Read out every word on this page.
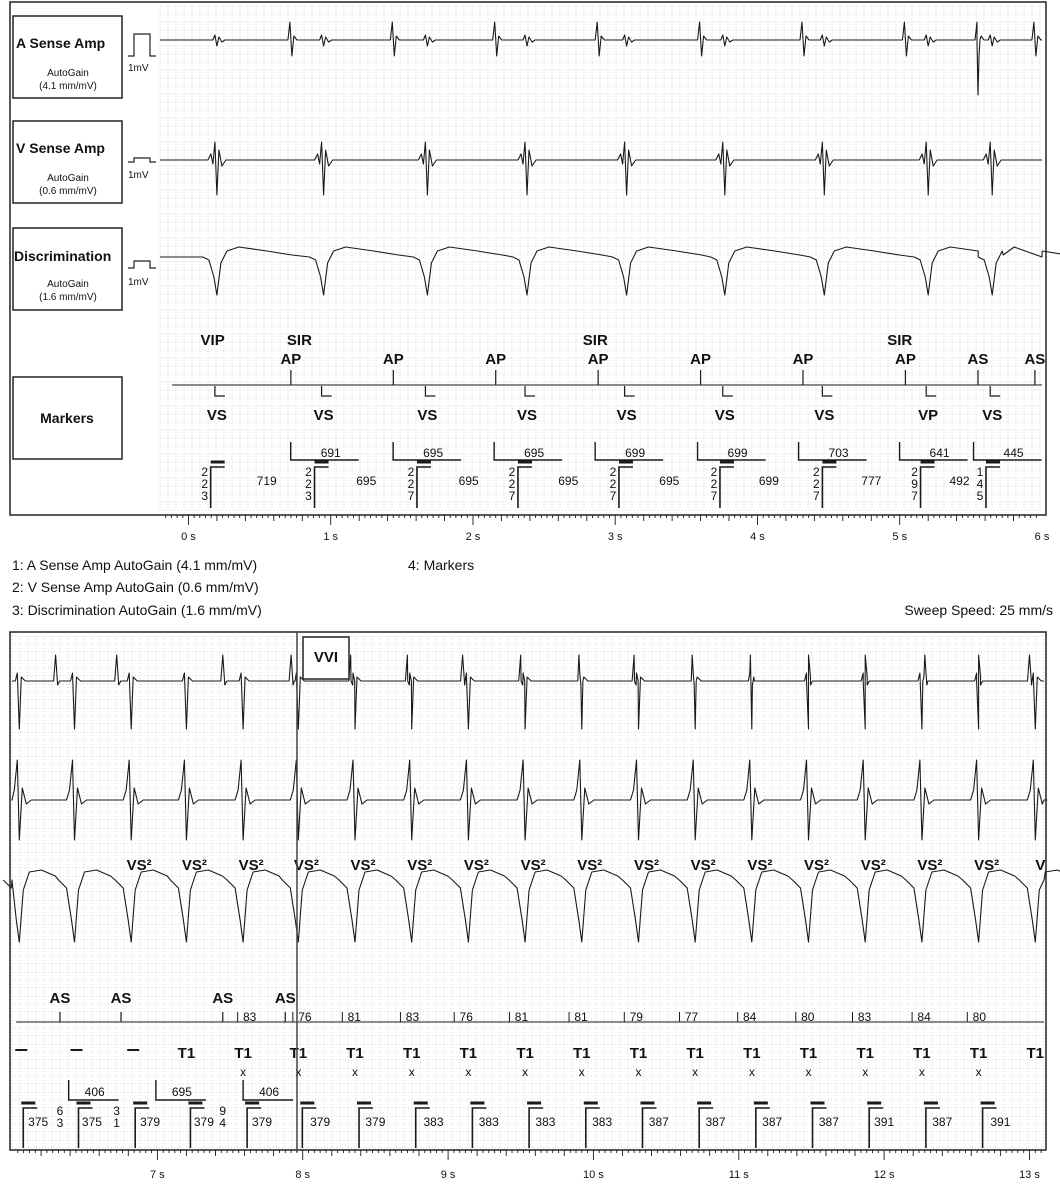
A Sense Amp
AutoGain
(4.1 mm/mV)
V Sense Amp
AutoGain
(0.6 mm/mV)
Discrimination
AutoGain
(1.6 mm/mV)
Markers
1mV
1mV
1mV
VIP	SIR	SIR	SIR
AP	AP	AP	AP	AP	AP	AP	AS AS
VS	VS	VS	VS	VS	VS	VS	VP	VS
691	695	695	699	699	703	641	445
719	695	695	695	695	699	777	492
2
2
3
2
2
3
2
2
7
2
2
7
2
2
7
2
2
7
2
2
7
2
9
7
1
4
5
0 s	1 s	2 s	3 s	4 s	5 s	6 s
VS² VS² VS² VS² VS² VS² VS² VS² VS² VS² VS² VS² VS² VS² VS² VS² V
AS	AS	AS	AS
83	76	81	83	76	81	81	79	77	84	80	83	84	80
T1	T1	T1	T1	T1	T1	T1	T1	T1	T1	T1	T1	T1	T1	T1	T1
x	x	x	x	x	x	x	x	x	x	x	x	x	x
406	695	406
375	375	379	379	379	379	379	383	383	383	383	387	387	387	387	391	387	391
6
3
3
1
9
4
7 s	8 s	9 s	10 s	11 s	12 s	13 s
VVI
1: A Sense Amp AutoGain (4.1 mm/mV)
2: V Sense Amp AutoGain (0.6 mm/mV)
3: Discrimination AutoGain (1.6 mm/mV)
4: Markers
Sweep Speed: 25 mm/s
